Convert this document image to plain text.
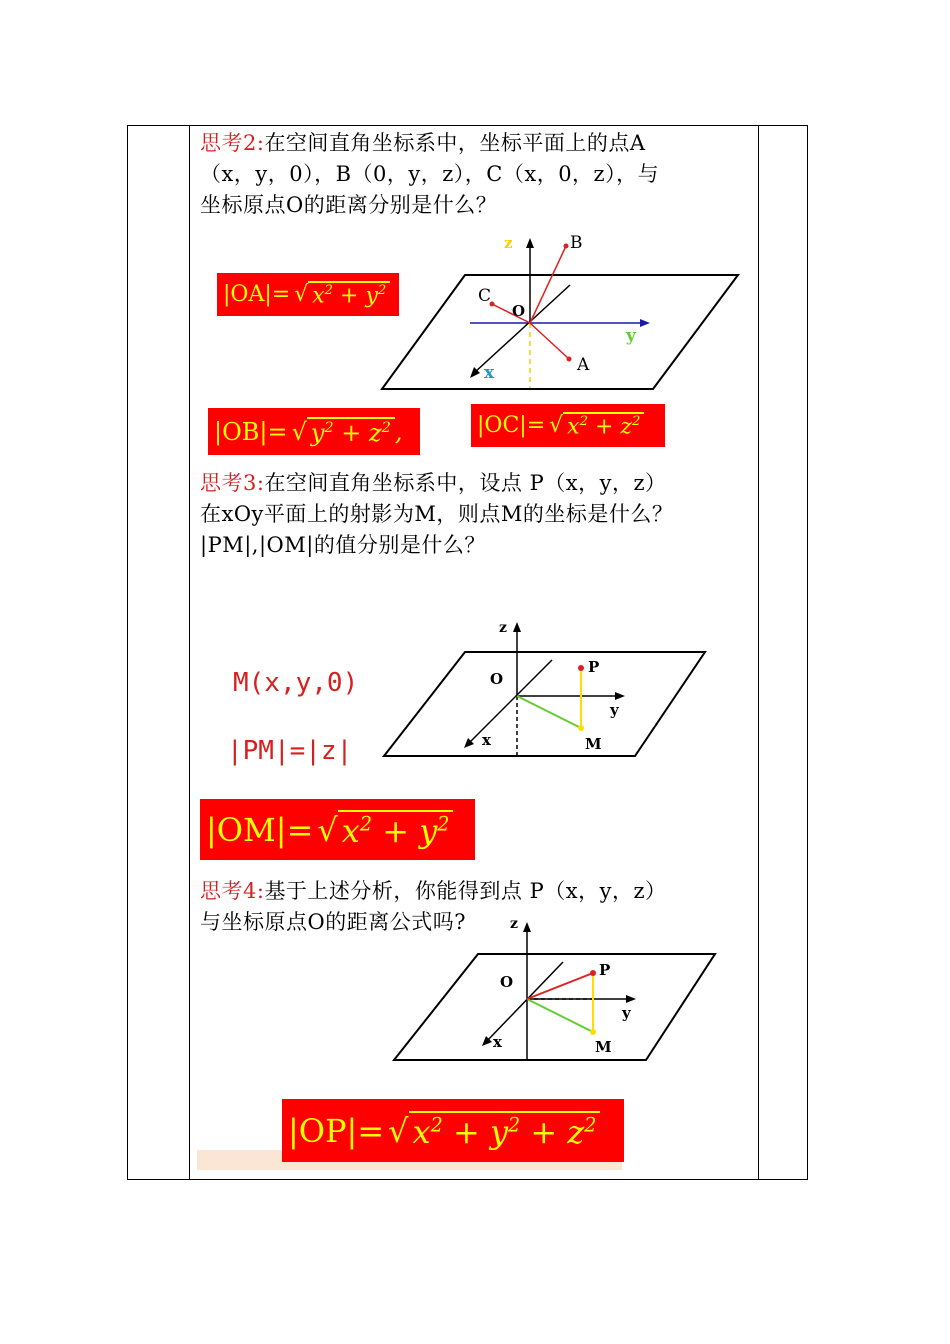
思考2:在空间直角坐标系中，坐标平面上的点A
（x，y，0），B（0，y，z），C（x，0，z），与
坐标原点O的距离分别是什么？
z
y
x
O
B
C
A
|OA|= √ $x^2 + y^2$
|OB|= √ $y^2 + z^2$ ,	|OC|= √ $x^2 + z^2$
思考3:在空间直角坐标系中，设点 P（x，y，z）
在xOy平面上的射影为M，则点M的坐标是什么？
|PM|,|OM|的值分别是什么？
z
O
P
y
x	M
M(x,y,0)
|PM|=|z|
|OM|= √ $x^2 + y^2$
思考4:基于上述分析，你能得到点 P（x，y，z）
与坐标原点O的距离公式吗?	z
O
P
y
x	M
|OP|= √ $x^2 + y^2 + z^2$
